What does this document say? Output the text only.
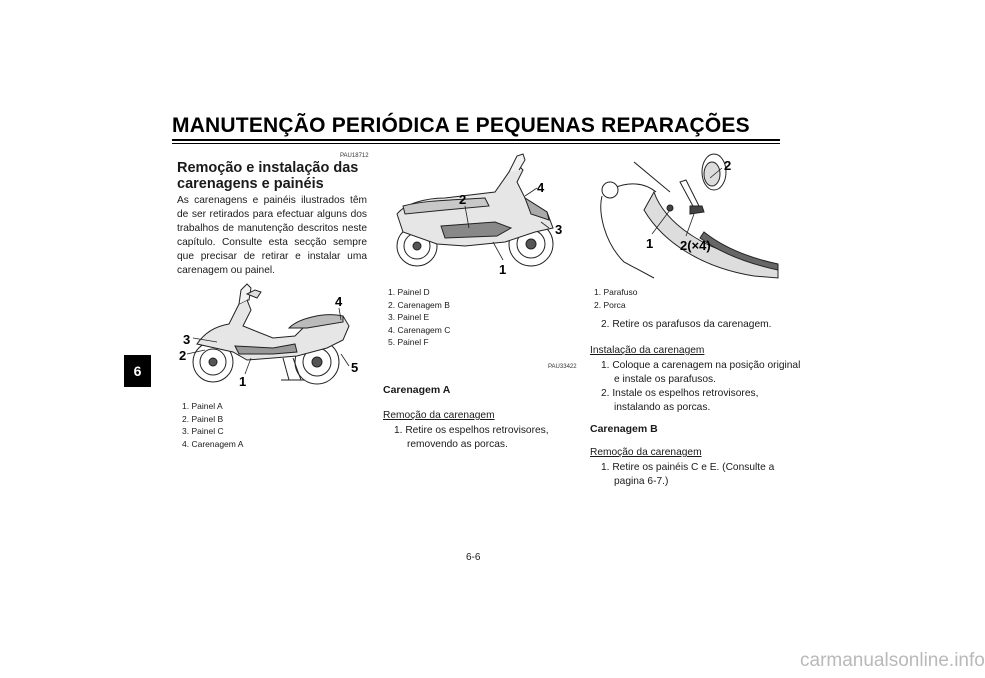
MANUTENÇÃO PERIÓDICA E PEQUENAS REPARAÇÕES
6
PAU18712
Remoção e instalação das carenagens e painéis
As carenagens e painéis ilustrados têm de ser retirados para efectuar alguns dos trabalhos de manutenção descritos neste capítulo. Consulte esta secção sempre que precisar de retirar e instalar uma carenagem ou painel.
3
2
1
4
5
1. Painel A
2. Painel B
3. Painel C
4. Carenagem A
2
4
3
1
1. Painel D
2. Carenagem B
3. Painel E
4. Carenagem C
5. Painel F
PAU33422
Carenagem A
Remoção da carenagem
1. Retire os espelhos retrovisores, removendo as porcas.
1
2
2(×4)
1. Parafuso
2. Porca
2. Retire os parafusos da carenagem.
Instalação da carenagem
1. Coloque a carenagem na posição original e instale os parafusos.
2. Instale os espelhos retrovisores, instalando as porcas.
Carenagem B
Remoção da carenagem
1. Retire os painéis C e E. (Consulte a pagina 6-7.)
6-6
carmanualsonline.info
